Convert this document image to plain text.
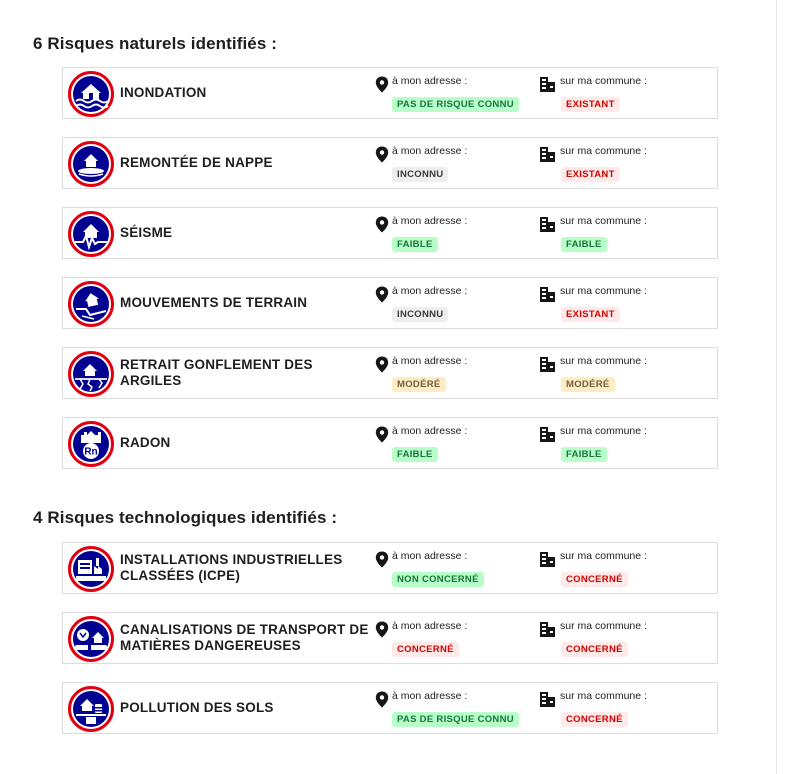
6 Risques naturels identifiés :
INONDATION
à mon adresse :
PAS DE RISQUE CONNU
sur ma commune :
EXISTANT
REMONTÉE DE NAPPE
à mon adresse :
INCONNU
sur ma commune :
EXISTANT
SÉISME
à mon adresse :
FAIBLE
sur ma commune :
FAIBLE
MOUVEMENTS DE TERRAIN
à mon adresse :
INCONNU
sur ma commune :
EXISTANT
RETRAIT GONFLEMENT DES ARGILES
à mon adresse :
MODÉRÉ
sur ma commune :
MODÉRÉ
Rn
RADON
à mon adresse :
FAIBLE
sur ma commune :
FAIBLE
4 Risques technologiques identifiés :
INSTALLATIONS INDUSTRIELLES CLASSÉES (ICPE)
à mon adresse :
NON CONCERNÉ
sur ma commune :
CONCERNÉ
CANALISATIONS DE TRANSPORT DE MATIÈRES DANGEREUSES
à mon adresse :
CONCERNÉ
sur ma commune :
CONCERNÉ
POLLUTION DES SOLS
à mon adresse :
PAS DE RISQUE CONNU
sur ma commune :
CONCERNÉ
